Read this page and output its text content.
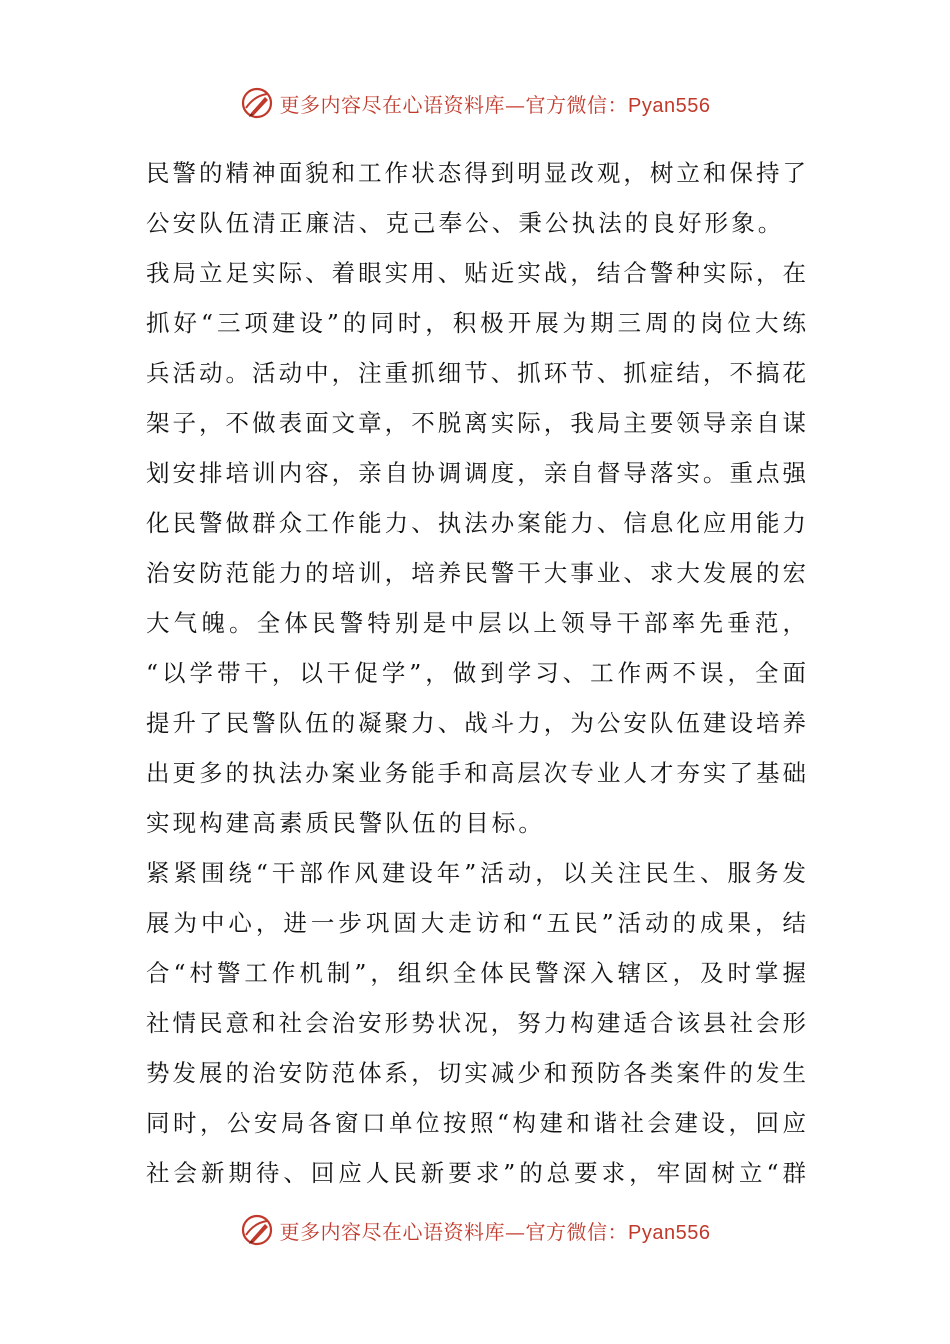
更多内容尽在心语资料库—官方微信：Pyan556
民警的精神面貌和工作状态得到明显改观，树立和保持了
公安队伍清正廉洁、克己奉公、秉公执法的良好形象。
我局立足实际、着眼实用、贴近实战，结合警种实际，在
抓好“三项建设”的同时，积极开展为期三周的岗位大练
兵活动。活动中，注重抓细节、抓环节、抓症结，不搞花
架子，不做表面文章，不脱离实际，我局主要领导亲自谋
划安排培训内容，亲自协调调度，亲自督导落实。重点强
化民警做群众工作能力、执法办案能力、信息化应用能力
治安防范能力的培训，培养民警干大事业、求大发展的宏
大气魄。全体民警特别是中层以上领导干部率先垂范，
“以学带干，以干促学”，做到学习、工作两不误，全面
提升了民警队伍的凝聚力、战斗力，为公安队伍建设培养
出更多的执法办案业务能手和高层次专业人才夯实了基础
实现构建高素质民警队伍的目标。
紧紧围绕“干部作风建设年”活动，以关注民生、服务发
展为中心，进一步巩固大走访和“五民”活动的成果，结
合“村警工作机制”，组织全体民警深入辖区，及时掌握
社情民意和社会治安形势状况，努力构建适合该县社会形
势发展的治安防范体系，切实减少和预防各类案件的发生
同时，公安局各窗口单位按照“构建和谐社会建设，回应
社会新期待、回应人民新要求”的总要求，牢固树立“群
更多内容尽在心语资料库—官方微信：Pyan556
